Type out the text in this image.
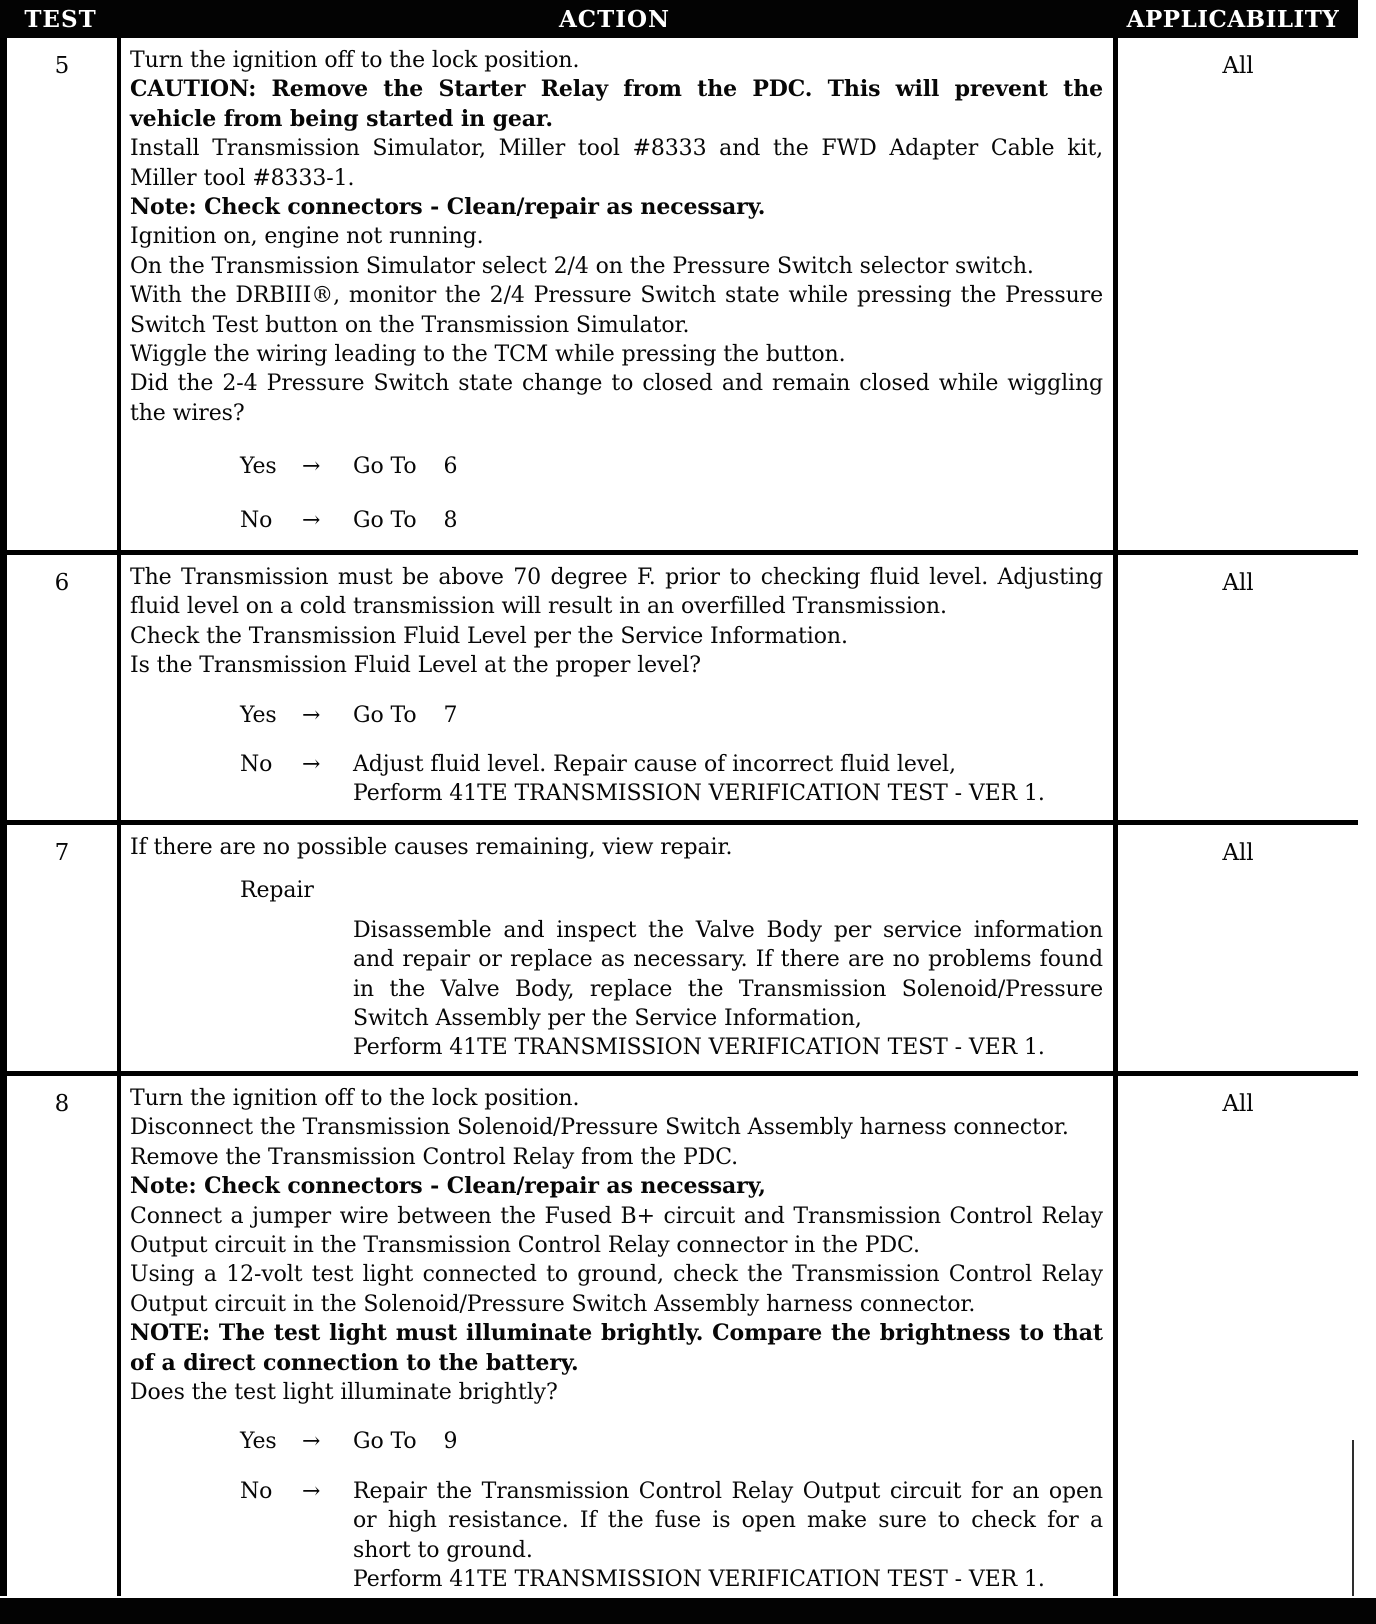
TEST	ACTION	APPLICABILITY
5	Turn the ignition off to the lock position.

CAUTION: Remove the Starter Relay from the PDC. This will prevent the vehicle from being started in gear.

Install Transmission Simulator, Miller tool #8333 and the FWD Adapter Cable kit, Miller tool #8333-1.

Note: Check connectors - Clean/repair as necessary.

Ignition on, engine not running.

On the Transmission Simulator select 2/4 on the Pressure Switch selector switch.

With the DRBIII®, monitor the 2/4 Pressure Switch state while pressing the Pressure Switch Test button on the Transmission Simulator.

Wiggle the wiring leading to the TCM while pressing the button.

Did the 2-4 Pressure Switch state change to closed and remain closed while wiggling the wires?

Yes	→	Go To 6
No	→	Go To 8
All
6	The Transmission must be above 70 degree F. prior to checking fluid level. Adjusting fluid level on a cold transmission will result in an overfilled Transmission.

Check the Transmission Fluid Level per the Service Information.

Is the Transmission Fluid Level at the proper level?

Yes	→	Go To 7
No	→	Adjust fluid level. Repair cause of incorrect fluid level,
Perform 41TE TRANSMISSION VERIFICATION TEST - VER 1.
All
7	If there are no possible causes remaining, view repair.

Repair
Disassemble and inspect the Valve Body per service information and repair or replace as necessary. If there are no problems found in the Valve Body, replace the Transmission Solenoid/Pressure Switch Assembly per the Service Information,
Perform 41TE TRANSMISSION VERIFICATION TEST - VER 1.
All
8	Turn the ignition off to the lock position.

Disconnect the Transmission Solenoid/Pressure Switch Assembly harness connector.

Remove the Transmission Control Relay from the PDC.

Note: Check connectors - Clean/repair as necessary,

Connect a jumper wire between the Fused B+ circuit and Transmission Control Relay Output circuit in the Transmission Control Relay connector in the PDC.

Using a 12-volt test light connected to ground, check the Transmission Control Relay Output circuit in the Solenoid/Pressure Switch Assembly harness connector.

NOTE: The test light must illuminate brightly. Compare the brightness to that of a direct connection to the battery.

Does the test light illuminate brightly?

Yes	→	Go To 9
No	→	Repair the Transmission Control Relay Output circuit for an open or high resistance. If the fuse is open make sure to check for a short to ground.
Perform 41TE TRANSMISSION VERIFICATION TEST - VER 1.
All
